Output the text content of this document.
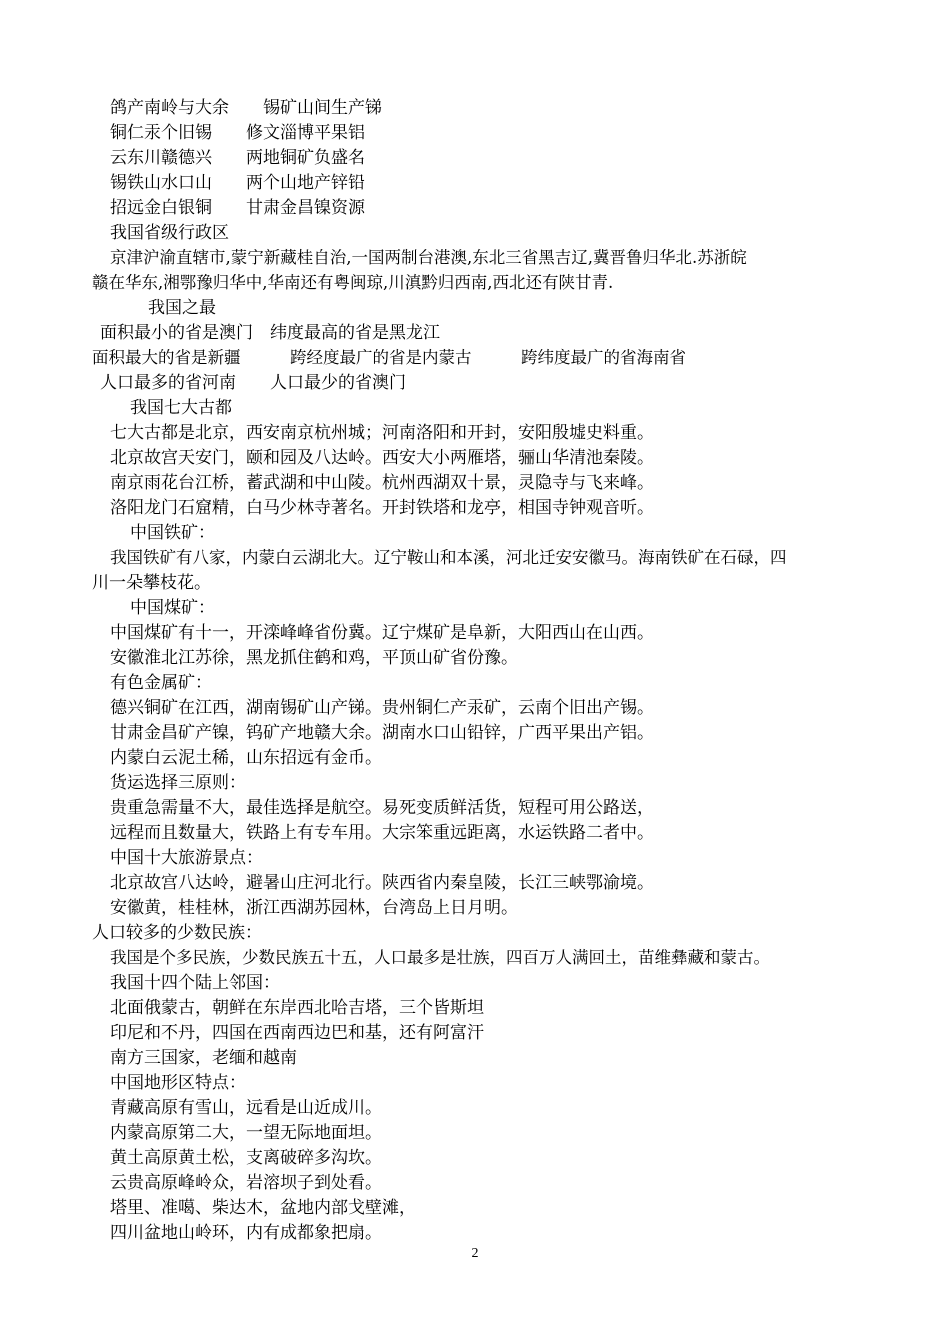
鸽产南岭与大余　　锡矿山间生产锑
铜仁汞个旧锡　　修文淄博平果铝
云东川赣德兴　　两地铜矿负盛名
锡铁山水口山　　两个山地产锌铅
招远金白银铜　　甘肃金昌镍资源
我国省级行政区
京津沪渝直辖市,蒙宁新藏桂自治,一国两制台港澳,东北三省黑吉辽,冀晋鲁归华北.苏浙皖
赣在华东,湘鄂豫归华中,华南还有粤闽琼,川滇黔归西南,西北还有陕甘青.
我国之最
面积最小的省是澳门　纬度最高的省是黑龙江
面积最大的省是新疆　　　跨经度最广的省是内蒙古　　　跨纬度最广的省海南省
人口最多的省河南　　人口最少的省澳门
我国七大古都
七大古都是北京，西安南京杭州城；河南洛阳和开封，安阳殷墟史料重。
北京故宫天安门，颐和园及八达岭。西安大小两雁塔，骊山华清池秦陵。
南京雨花台江桥，蓄武湖和中山陵。杭州西湖双十景，灵隐寺与飞来峰。
洛阳龙门石窟精，白马少林寺著名。开封铁塔和龙亭，相国寺钟观音听。
中国铁矿：
我国铁矿有八家，内蒙白云湖北大。辽宁鞍山和本溪，河北迁安安徽马。海南铁矿在石碌，四
川一朵攀枝花。
中国煤矿：
中国煤矿有十一，开滦峰峰省份冀。辽宁煤矿是阜新，大阳西山在山西。
安徽淮北江苏徐，黑龙抓住鹤和鸡，平顶山矿省份豫。
有色金属矿：
德兴铜矿在江西，湖南锡矿山产锑。贵州铜仁产汞矿，云南个旧出产锡。
甘肃金昌矿产镍，钨矿产地赣大余。湖南水口山铅锌，广西平果出产铝。
内蒙白云泥土稀，山东招远有金币。
货运选择三原则：
贵重急需量不大，最佳选择是航空。易死变质鲜活货，短程可用公路送，
远程而且数量大，铁路上有专车用。大宗笨重远距离，水运铁路二者中。
中国十大旅游景点：
北京故宫八达岭，避暑山庄河北行。陕西省内秦皇陵，长江三峡鄂渝境。
安徽黄，桂桂林，浙江西湖苏园林，台湾岛上日月明。
人口较多的少数民族：
我国是个多民族，少数民族五十五，人口最多是壮族，四百万人满回土，苗维彝藏和蒙古。
我国十四个陆上邻国：
北面俄蒙古，朝鲜在东岸西北哈吉塔，三个皆斯坦
印尼和不丹，四国在西南西边巴和基，还有阿富汗
南方三国家，老缅和越南
中国地形区特点：
青藏高原有雪山，远看是山近成川。
内蒙高原第二大，一望无际地面坦。
黄土高原黄土松，支离破碎多沟坎。
云贵高原峰岭众，岩溶坝子到处看。
塔里、准噶、柴达木，盆地内部戈壁滩，
四川盆地山岭环，内有成都象把扇。
2
